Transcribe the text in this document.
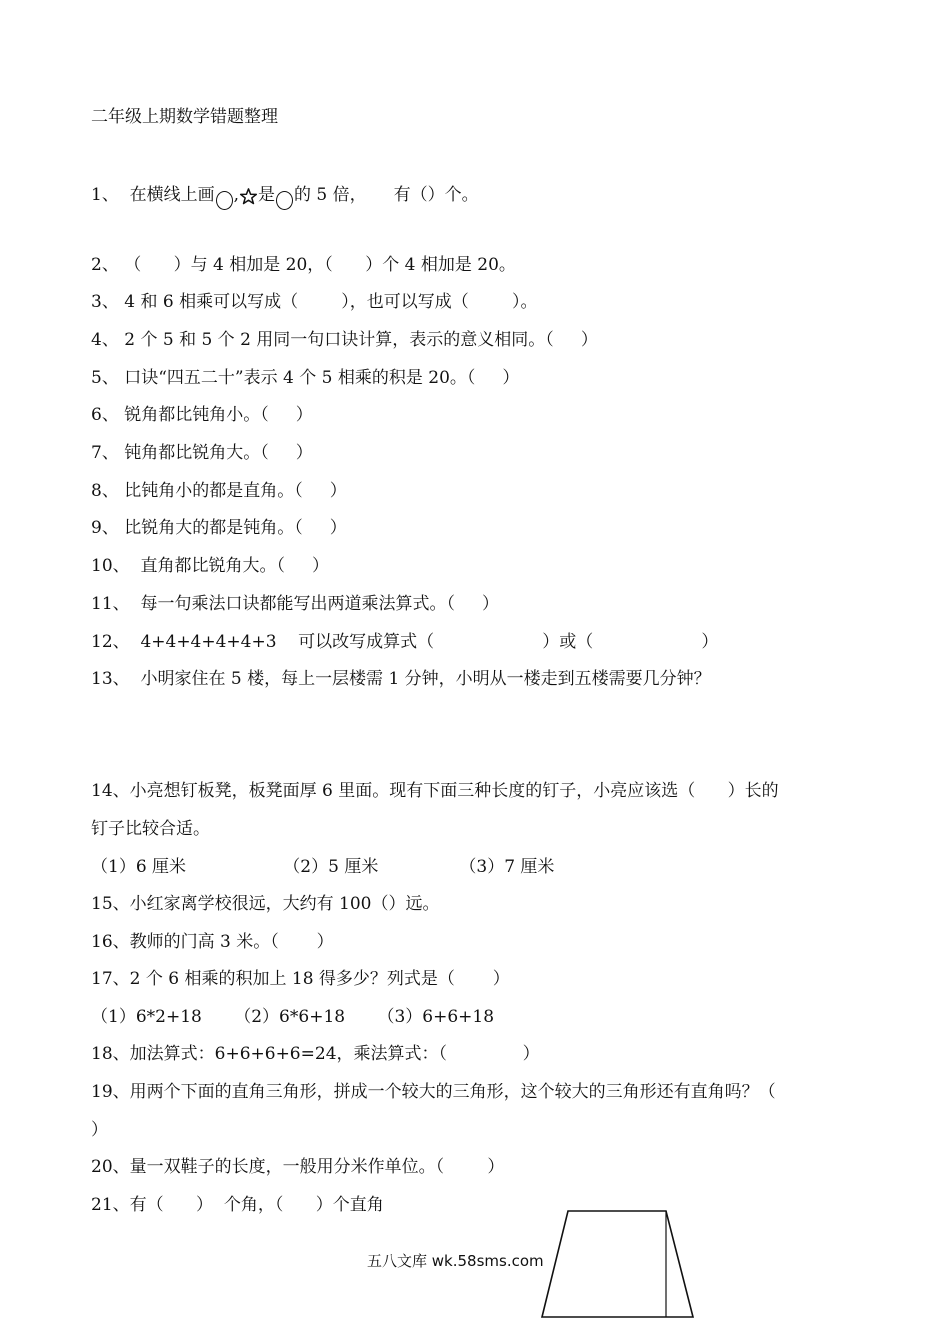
二年级上期数学错题整理

1、  在横线上画 , 是 的 5 倍，     有（）个。

2、 （      ）与 4 相加是 20，（      ）个 4 相加是 20。

3、 4 和 6 相乘可以写成（        ），也可以写成（        ）。

4、 2 个 5 和 5 个 2 用同一句口诀计算，表示的意义相同。（     ）

5、 口诀“四五二十”表示 4 个 5 相乘的积是 20。（     ）

6、 锐角都比钝角小。（     ）

7、 钝角都比锐角大。（     ）

8、 比钝角小的都是直角。（     ）

9、 比锐角大的都是钝角。（     ）

10、  直角都比锐角大。（     ）

11、  每一句乘法口诀都能写出两道乘法算式。（     ）

12、  4+4+4+4+4+3    可以改写成算式（                    ）或（                    ）

13、  小明家住在 5 楼，每上一层楼需 1 分钟，小明从一楼走到五楼需要几分钟？

14、小亮想钉板凳，板凳面厚 6 里面。现有下面三种长度的钉子，小亮应该选（      ）长的

钉子比较合适。

（1）6 厘米                  （2）5 厘米               （3）7 厘米

15、小红家离学校很远，大约有 100（）远。

16、教师的门高 3 米。（       ）

17、2 个 6 相乘的积加上 18 得多少？列式是（       ）

（1）6*2+18      （2）6*6+18      （3）6+6+18

18、加法算式：6+6+6+6=24，乘法算式：（              ）

19、用两个下面的直角三角形，拼成一个较大的三角形，这个较大的三角形还有直角吗？（

）

20、量一双鞋子的长度，一般用分米作单位。（        ）

21、有（      ）  个角，（      ）个直角

五八文库 wk.58sms.com
